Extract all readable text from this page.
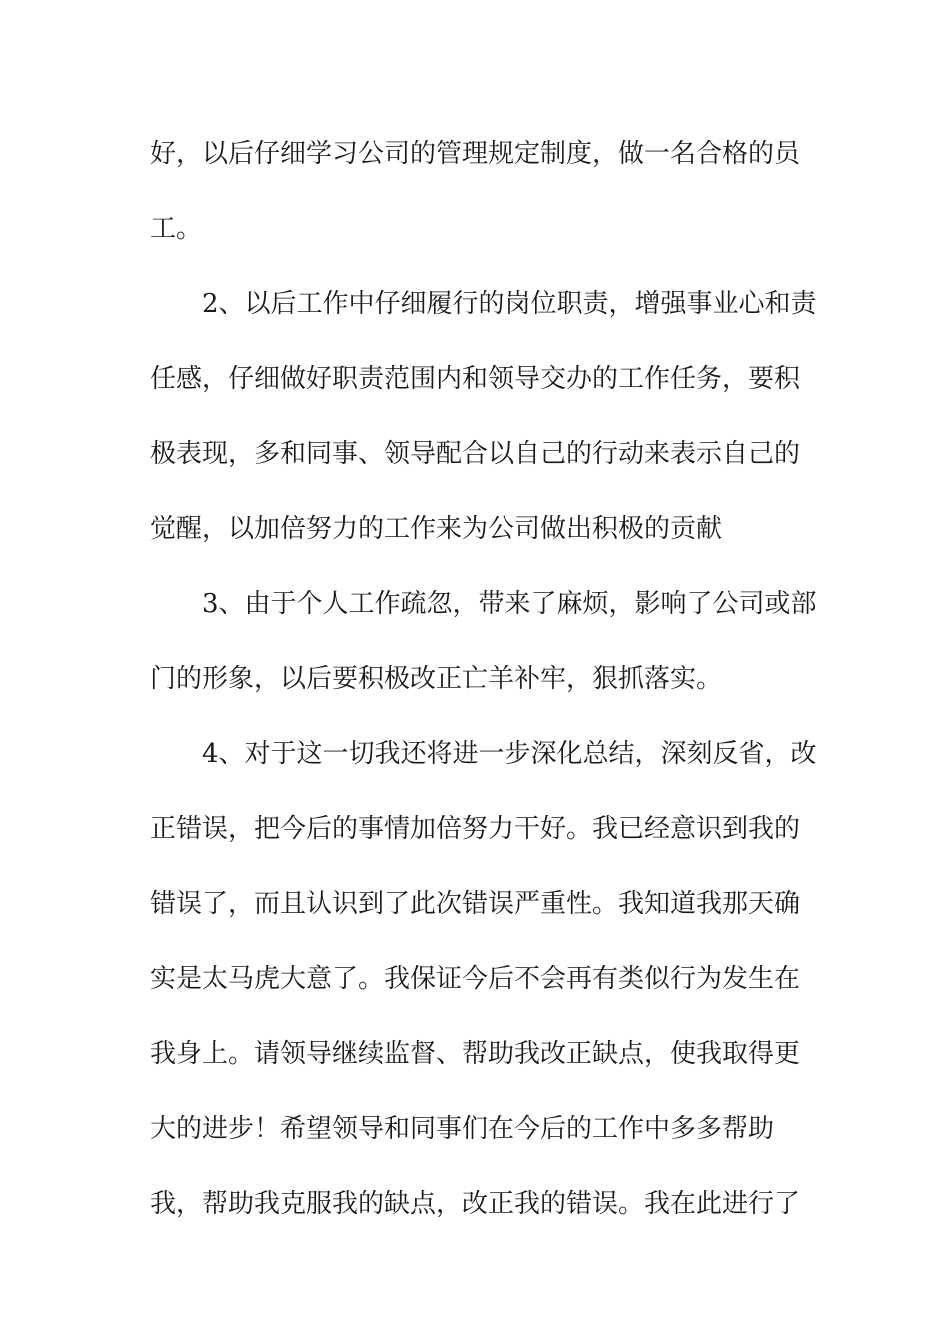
好，以后仔细学习公司的管理规定制度，做一名合格的员

工。

2、以后工作中仔细履行的岗位职责，增强事业心和责

任感，仔细做好职责范围内和领导交办的工作任务，要积

极表现，多和同事、领导配合以自己的行动来表示自己的

觉醒，以加倍努力的工作来为公司做出积极的贡献

3、由于个人工作疏忽，带来了麻烦，影响了公司或部

门的形象，以后要积极改正亡羊补牢，狠抓落实。

4、对于这一切我还将进一步深化总结，深刻反省，改

正错误，把今后的事情加倍努力干好。我已经意识到我的

错误了，而且认识到了此次错误严重性。我知道我那天确

实是太马虎大意了。我保证今后不会再有类似行为发生在

我身上。请领导继续监督、帮助我改正缺点，使我取得更

大的进步！希望领导和同事们在今后的工作中多多帮助

我，帮助我克服我的缺点，改正我的错误。我在此进行了
